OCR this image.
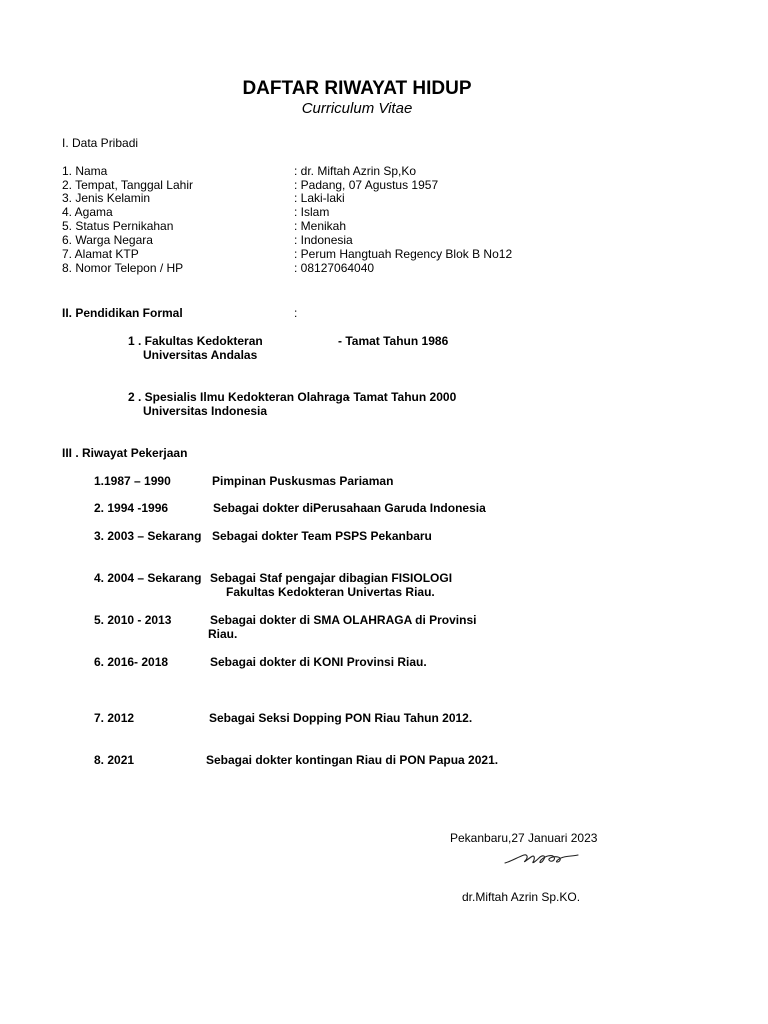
DAFTAR RIWAYAT HIDUP
Curriculum Vitae
I. Data Pribadi
1. Nama	: dr. Miftah Azrin Sp,Ko
2. Tempat, Tanggal Lahir	: Padang, 07 Agustus 1957
3. Jenis Kelamin	: Laki-laki
4. Agama	: Islam
5. Status Pernikahan	: Menikah
6. Warga Negara	: Indonesia
7. Alamat KTP	: Perum Hangtuah Regency Blok B No12
8. Nomor Telepon / HP	: 08127064040
II. Pendidikan Formal	:
1 . Fakultas Kedokteran	- Tamat Tahun 1986
Universitas Andalas
2 . Spesialis Ilmu Kedokteran Olahraga
- Tamat Tahun 2000
Universitas Indonesia
III . Riwayat Pekerjaan
1.1987 – 1990	Pimpinan Puskusmas Pariaman
2. 1994 -1996	Sebagai dokter diPerusahaan Garuda Indonesia
3. 2003 – Sekarang Sebagai dokter Team PSPS Pekanbaru
4. 2004 – Sekarang Sebagai Staf pengajar dibagian FISIOLOGI
Fakultas Kedokteran Univertas Riau.
5. 2010 - 2013	Sebagai dokter di SMA OLAHRAGA di Provinsi
Riau.
6. 2016- 2018	Sebagai dokter di KONI Provinsi Riau.
7. 2012	Sebagai Seksi Dopping PON Riau Tahun 2012.
8. 2021	Sebagai dokter kontingan Riau di PON Papua 2021.
Pekanbaru,27 Januari 2023
dr.Miftah Azrin Sp.KO.
